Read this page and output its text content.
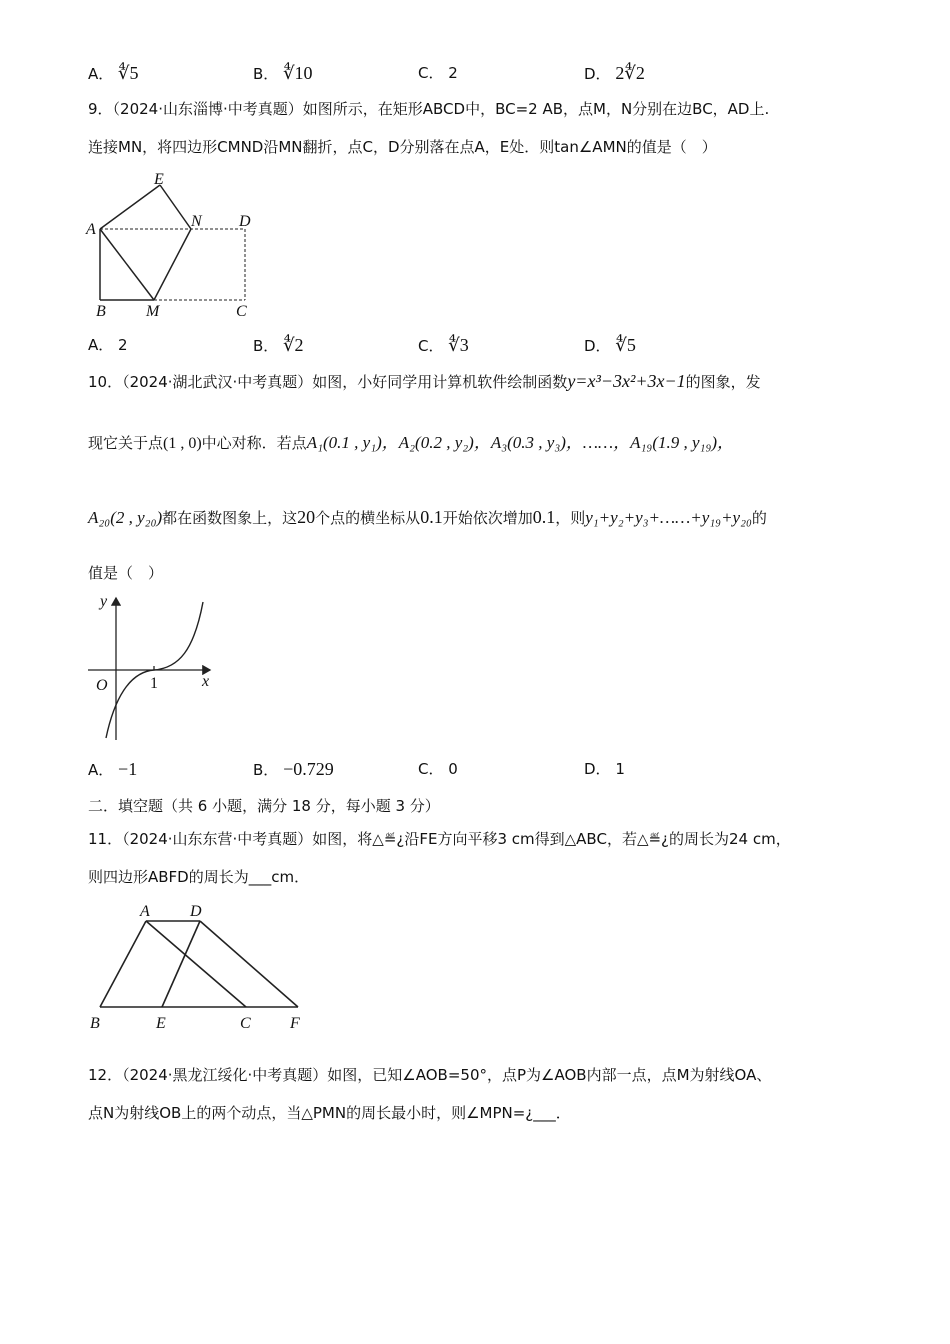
A． ∜5	B． ∜10	C． 2	D． 2∜2
9．（2024·山东淄博·中考真题）如图所示，在矩形ABCD中，BC=2 AB，点M，N分别在边BC，AD上.
连接MN，将四边形CMND沿MN翻折，点C，D分别落在点A，E处．则tan∠AMN的值是（　）
E
A	N D
B	M	C
A． 2	B． ∜2	C． ∜3	D． ∜5
10．（2024·湖北武汉·中考真题）如图，小好同学用计算机软件绘制函数y=x³−3x²+3x−1的图象，发
现它关于点(1 , 0)中心对称．若点A₁(0.1 , y₁)，A₂(0.2 , y₂)，A₃(0.3 , y₃)，……，A₁₉(1.9 , y₁₉)，
A₂₀(2 , y₂₀)都在函数图象上，这20个点的横坐标从0.1开始依次增加0.1，则y₁+y₂+y₃+……+y₁₉+y₂₀的
值是（　）
y
x
O	1
A． −1	B． −0.729	C． 0	D． 1
二．填空题（共 6 小题，满分 18 分，每小题 3 分）
11．（2024·山东东营·中考真题）如图，将△≝¿沿FE方向平移3 cm得到△ABC，若△≝¿的周长为24 cm，
则四边形ABFD的周长为___cm．
A	D
B	E	C F
12．（2024·黑龙江绥化·中考真题）如图，已知∠AOB=50°，点P为∠AOB内部一点，点M为射线OA、
点N为射线OB上的两个动点，当△PMN的周长最小时，则∠MPN=¿___．
